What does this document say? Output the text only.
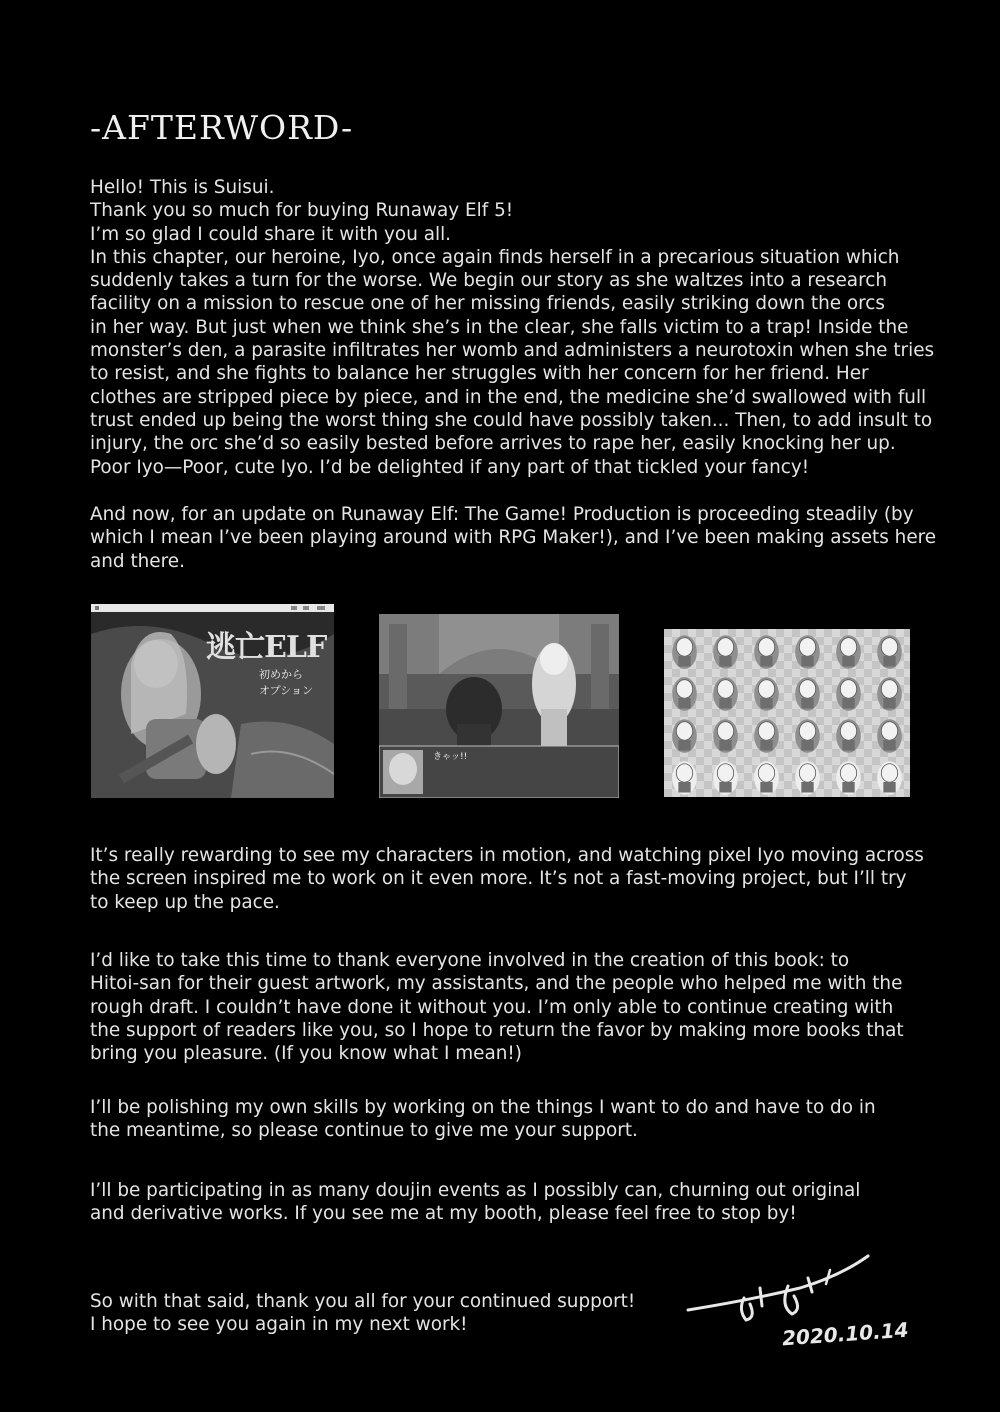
-AFTERWORD-
Hello! This is Suisui.
Thank you so much for buying Runaway Elf 5!
I’m so glad I could share it with you all.
In this chapter, our heroine, Iyo, once again finds herself in a precarious situation which
suddenly takes a turn for the worse. We begin our story as she waltzes into a research
facility on a mission to rescue one of her missing friends, easily striking down the orcs
in her way. But just when we think she’s in the clear, she falls victim to a trap! Inside the
monster’s den, a parasite infiltrates her womb and administers a neurotoxin when she tries
to resist, and she fights to balance her struggles with her concern for her friend. Her
clothes are stripped piece by piece, and in the end, the medicine she’d swallowed with full
trust ended up being the worst thing she could have possibly taken... Then, to add insult to
injury, the orc she’d so easily bested before arrives to rape her, easily knocking her up.
Poor Iyo—Poor, cute Iyo. I’d be delighted if any part of that tickled your fancy!
And now, for an update on Runaway Elf: The Game! Production is proceeding steadily (by
which I mean I’ve been playing around with RPG Maker!), and I’ve been making assets here
and there.
逃亡ELF
初めから
オプション
きゃッ!!
It’s really rewarding to see my characters in motion, and watching pixel Iyo moving across
the screen inspired me to work on it even more. It’s not a fast-moving project, but I’ll try
to keep up the pace.
I’d like to take this time to thank everyone involved in the creation of this book: to
Hitoi-san for their guest artwork, my assistants, and the people who helped me with the
rough draft. I couldn’t have done it without you. I’m only able to continue creating with
the support of readers like you, so I hope to return the favor by making more books that
bring you pleasure. (If you know what I mean!)
I’ll be polishing my own skills by working on the things I want to do and have to do in
the meantime, so please continue to give me your support.
I’ll be participating in as many doujin events as I possibly can, churning out original
and derivative works. If you see me at my booth, please feel free to stop by!
So with that said, thank you all for your continued support!
I hope to see you again in my next work!	2020.10.14
